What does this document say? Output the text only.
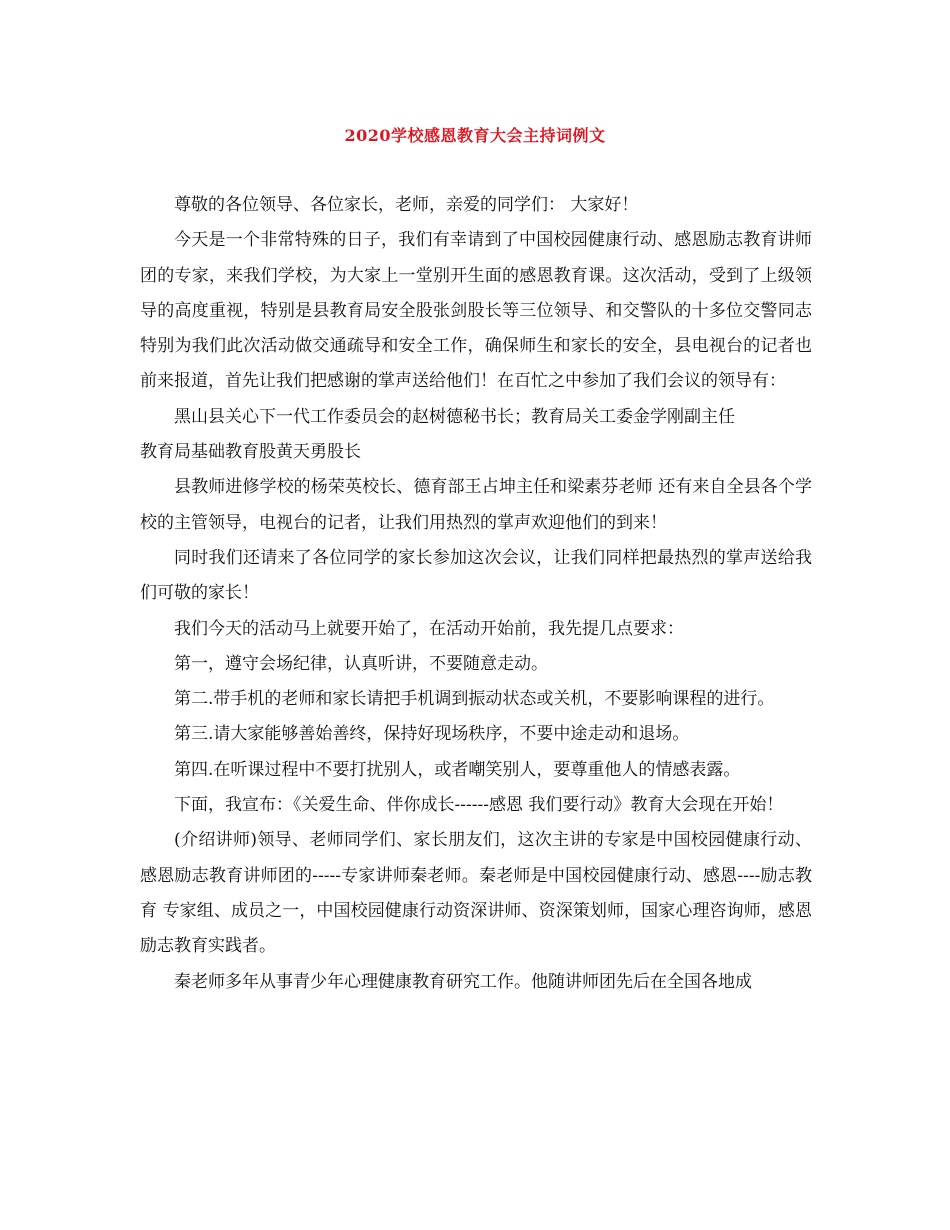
2020学校感恩教育大会主持词例文

尊敬的各位领导、各位家长，老师，亲爱的同学们： 大家好！

今天是一个非常特殊的日子，我们有幸请到了中国校园健康行动、感恩励志教育讲师团的专家，来我们学校，为大家上一堂别开生面的感恩教育课。这次活动，受到了上级领导的高度重视，特别是县教育局安全股张剑股长等三位领导、和交警队的十多位交警同志特别为我们此次活动做交通疏导和安全工作，确保师生和家长的安全，县电视台的记者也前来报道，首先让我们把感谢的掌声送给他们！在百忙之中参加了我们会议的领导有：

黑山县关心下一代工作委员会的赵树德秘书长；教育局关工委金学刚副主任

教育局基础教育股黄天勇股长

县教师进修学校的杨荣英校长、德育部王占坤主任和梁素芬老师 还有来自全县各个学校的主管领导，电视台的记者，让我们用热烈的掌声欢迎他们的到来！

同时我们还请来了各位同学的家长参加这次会议，让我们同样把最热烈的掌声送给我们可敬的家长！

我们今天的活动马上就要开始了，在活动开始前，我先提几点要求：

第一，遵守会场纪律，认真听讲，不要随意走动。

第二.带手机的老师和家长请把手机调到振动状态或关机，不要影响课程的进行。

第三.请大家能够善始善终，保持好现场秩序，不要中途走动和退场。

第四.在听课过程中不要打扰别人，或者嘲笑别人，要尊重他人的情感表露。

下面，我宣布：《关爱生命、伴你成长------感恩 我们要行动》教育大会现在开始！

(介绍讲师)领导、老师同学们、家长朋友们，这次主讲的专家是中国校园健康行动、感恩励志教育讲师团的-----专家讲师秦老师。秦老师是中国校园健康行动、感恩----励志教育 专家组、成员之一，中国校园健康行动资深讲师、资深策划师，国家心理咨询师，感恩励志教育实践者。

秦老师多年从事青少年心理健康教育研究工作。他随讲师团先后在全国各地成
